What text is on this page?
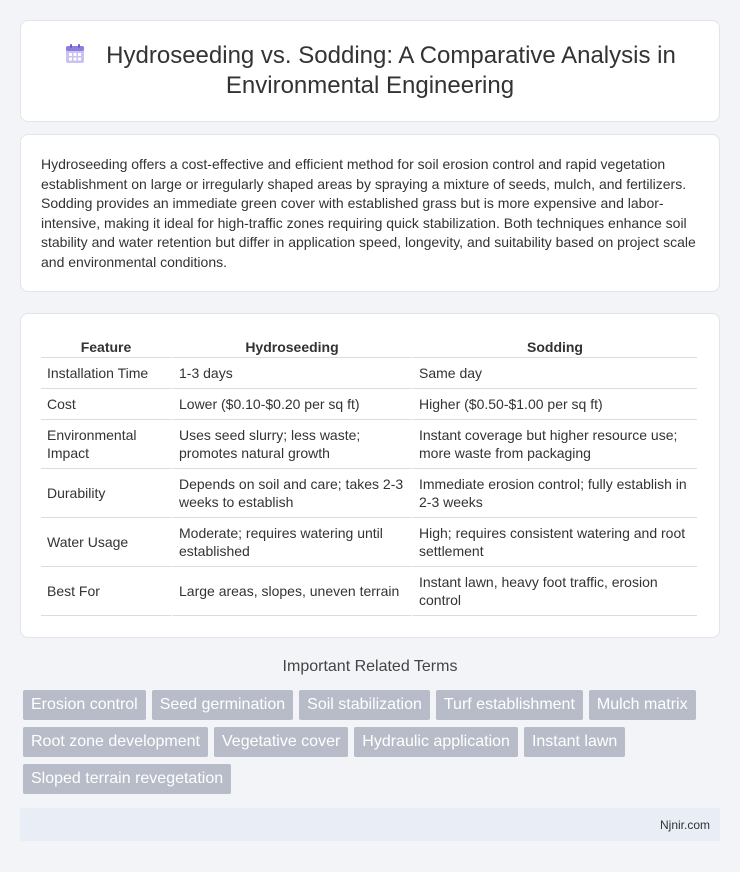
Hydroseeding vs. Sodding: A Comparative Analysis in Environmental Engineering

Hydroseeding offers a cost-effective and efficient method for soil erosion control and rapid vegetation establishment on large or irregularly shaped areas by spraying a mixture of seeds, mulch, and fertilizers. Sodding provides an immediate green cover with established grass but is more expensive and labor-intensive, making it ideal for high-traffic zones requiring quick stabilization. Both techniques enhance soil stability and water retention but differ in application speed, longevity, and suitability based on project scale and environmental conditions.

Feature	Hydroseeding	Sodding
Installation Time	1-3 days	Same day
Cost	Lower ($0.10-$0.20 per sq ft)	Higher ($0.50-$1.00 per sq ft)
Environmental Impact	Uses seed slurry; less waste; promotes natural growth	Instant coverage but higher resource use; more waste from packaging
Durability	Depends on soil and care; takes 2-3 weeks to establish	Immediate erosion control; fully establish in 2-3 weeks
Water Usage	Moderate; requires watering until established	High; requires consistent watering and root settlement
Best For	Large areas, slopes, uneven terrain	Instant lawn, heavy foot traffic, erosion control
Important Related Terms
Erosion control	Seed germination	Soil stabilization	Turf establishment	Mulch matrix
Root zone development	Vegetative cover	Hydraulic application	Instant lawn
Sloped terrain revegetation
Njnir.com
